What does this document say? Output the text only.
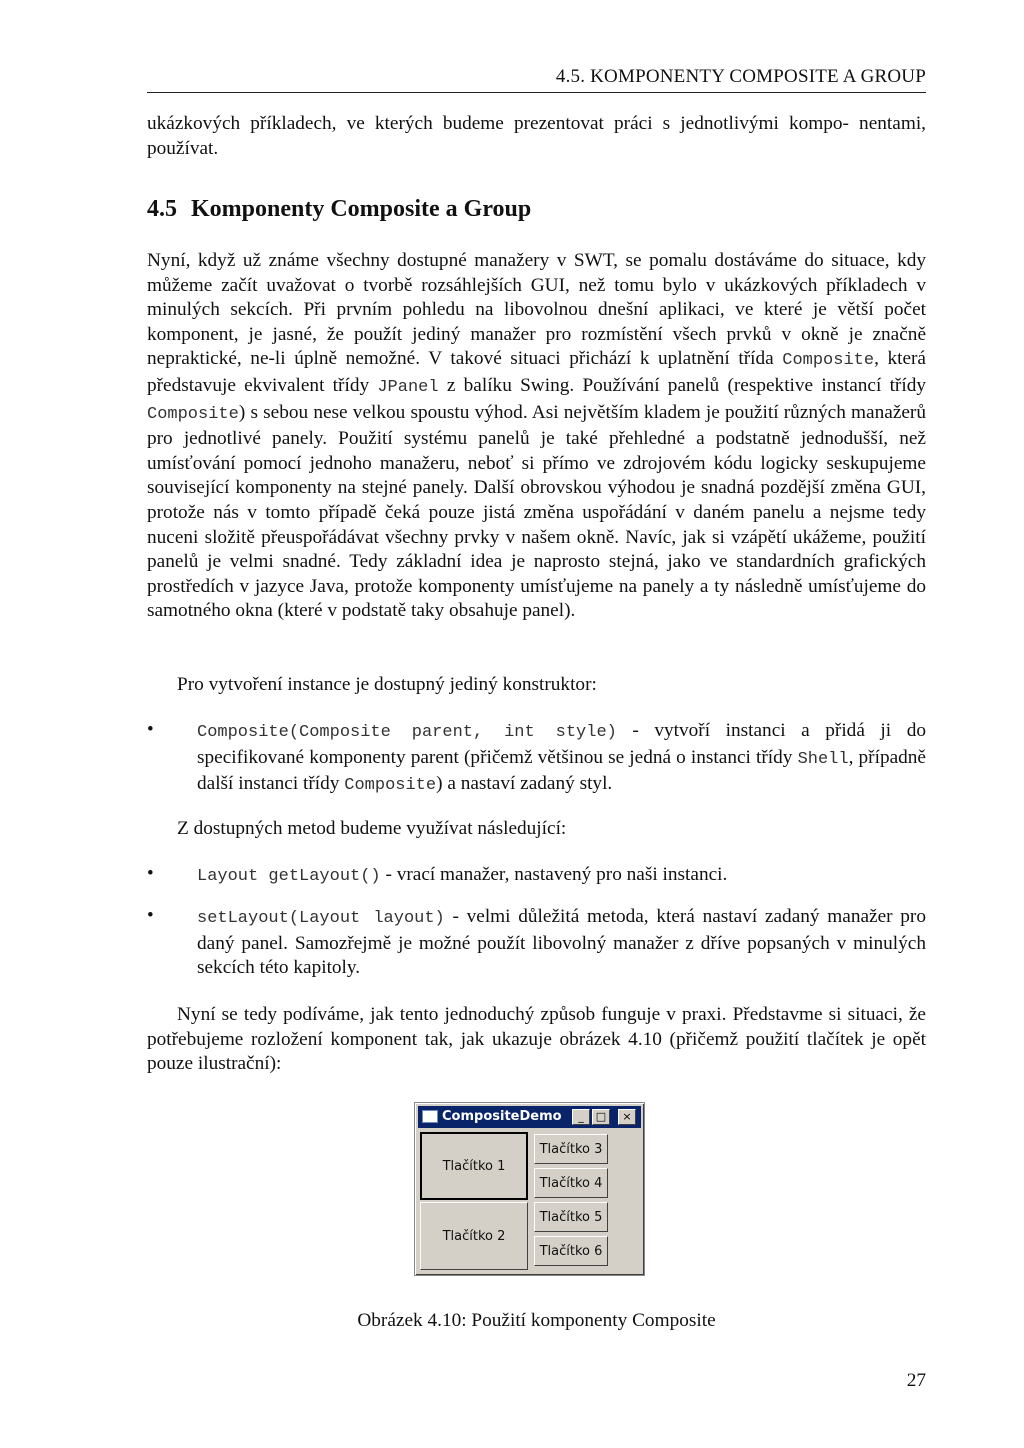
4.5. KOMPONENTY COMPOSITE A GROUP

ukázkových příkladech, ve kterých budeme prezentovat práci s jednotlivými kompo- nentami, používat.

4.5 Komponenty Composite a Group

Nyní, když už známe všechny dostupné manažery v SWT, se pomalu dostáváme do situace, kdy můžeme začít uvažovat o tvorbě rozsáhlejších GUI, než tomu bylo v ukázkových příkladech v minulých sekcích. Při prvním pohledu na libovolnou dnešní aplikaci, ve které je větší počet komponent, je jasné, že použít jediný manažer pro rozmístění všech prvků v okně je značně nepraktické, ne-li úplně nemožné. V takové situaci přichází k uplatnění třída Composite, která představuje ekvivalent třídy JPanel z balíku Swing. Používání panelů (respektive instancí třídy Composite) s sebou nese velkou spoustu výhod. Asi největším kladem je použití různých manažerů pro jednotlivé panely. Použití systému panelů je také přehledné a podstatně jednodušší, než umísťování pomocí jednoho manažeru, neboť si přímo ve zdrojovém kódu logicky seskupujeme související komponenty na stejné panely. Další obrovskou výhodou je snadná pozdější změna GUI, protože nás v tomto případě čeká pouze jistá změna uspořádání v daném panelu a nejsme tedy nuceni složitě přeuspořádávat všechny prvky v našem okně. Navíc, jak si vzápětí ukážeme, použití panelů je velmi snadné. Tedy základní idea je naprosto stejná, jako ve standardních grafických prostředích v jazyce Java, protože komponenty umísťujeme na panely a ty následně umísťujeme do samotného okna (které v podstatě taky obsahuje panel).

Pro vytvoření instance je dostupný jediný konstruktor:

•	Composite(Composite parent, int style) - vytvoří instanci a přidá ji do specifikované komponenty parent (přičemž většinou se jedná o instanci třídy Shell, případně další instanci třídy Composite) a nastaví zadaný styl.

Z dostupných metod budeme využívat následující:

•	Layout getLayout() - vrací manažer, nastavený pro naši instanci.
•	setLayout(Layout layout) - velmi důležitá metoda, která nastaví zadaný manažer pro daný panel. Samozřejmě je možné použít libovolný manažer z dříve popsaných v minulých sekcích této kapitoly.

Nyní se tedy podíváme, jak tento jednoduchý způsob funguje v praxi. Představme si situaci, že potřebujeme rozložení komponent tak, jak ukazuje obrázek 4.10 (přičemž použití tlačítek je opět pouze ilustrační):

CompositeDemo	_	□	×
Tlačítko 1
Tlačítko 2
Tlačítko 3
Tlačítko 4
Tlačítko 5
Tlačítko 6
Obrázek 4.10: Použití komponenty Composite
27
